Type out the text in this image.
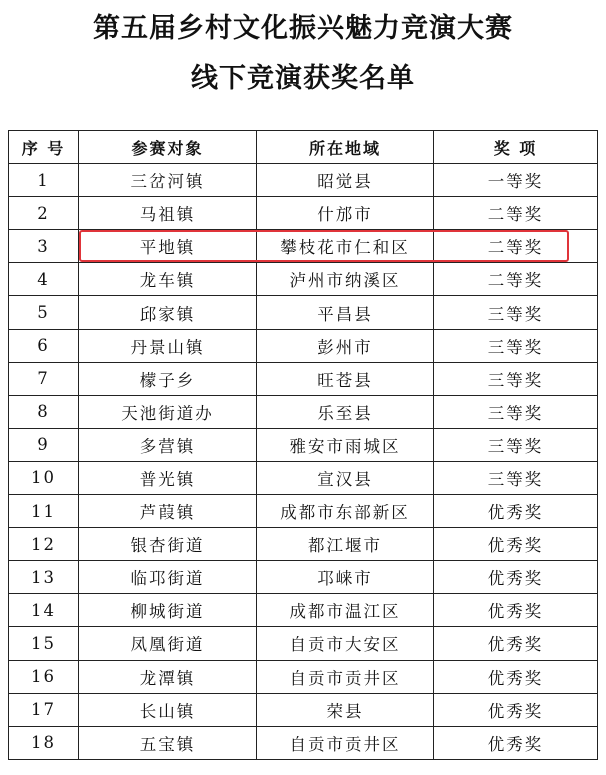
第五届乡村文化振兴魅力竞演大赛
线下竞演获奖名单
序 号	参赛对象	所在地域	奖 项
1	三岔河镇	昭觉县	一等奖
2	马祖镇	什邡市	二等奖
3	平地镇	攀枝花市仁和区	二等奖
4	龙车镇	泸州市纳溪区	二等奖
5	邱家镇	平昌县	三等奖
6	丹景山镇	彭州市	三等奖
7	檬子乡	旺苍县	三等奖
8	天池街道办	乐至县	三等奖
9	多营镇	雅安市雨城区	三等奖
10	普光镇	宣汉县	三等奖
11	芦葭镇	成都市东部新区	优秀奖
12	银杏街道	都江堰市	优秀奖
13	临邛街道	邛崃市	优秀奖
14	柳城街道	成都市温江区	优秀奖
15	凤凰街道	自贡市大安区	优秀奖
16	龙潭镇	自贡市贡井区	优秀奖
17	长山镇	荣县	优秀奖
18	五宝镇	自贡市贡井区	优秀奖
